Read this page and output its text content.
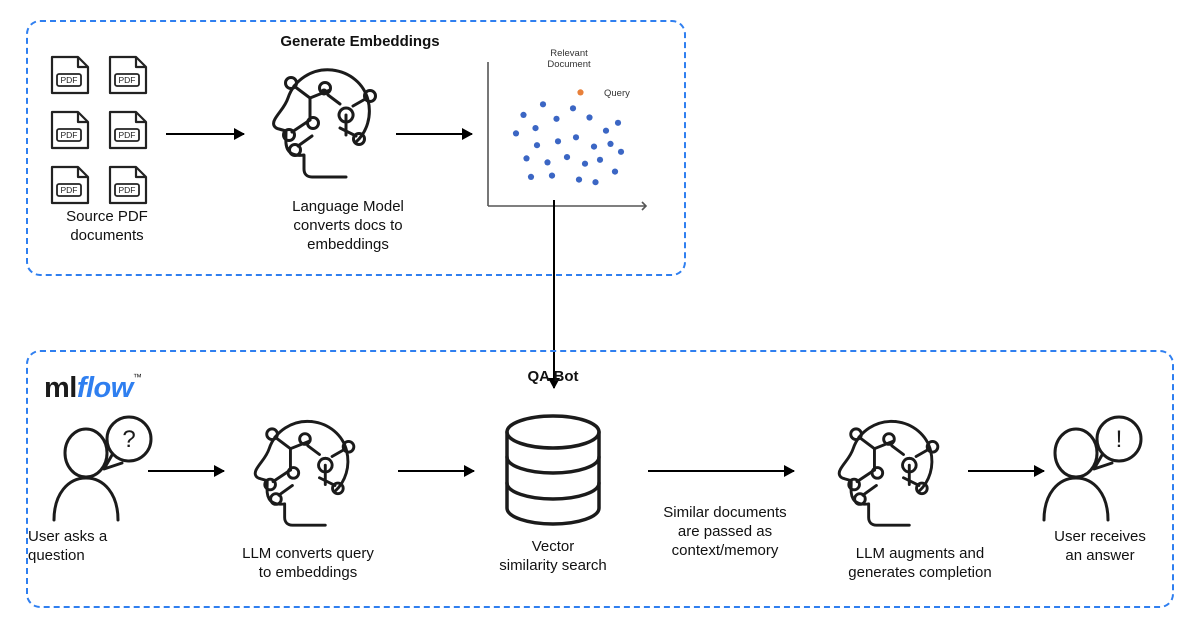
Generate Embeddings
PDF	PDF
PDF	PDF
PDF	PDF
Source PDF
documents
Language Model
converts docs to
embeddings
Relevant
Document
Query
QA Bot
mlflow™
?
User asks a
question	LLM converts query
to embeddings
Vector
similarity search
Similar documents
are passed as
context/memory	LLM augments and
generates completion
!
User receives
an answer
